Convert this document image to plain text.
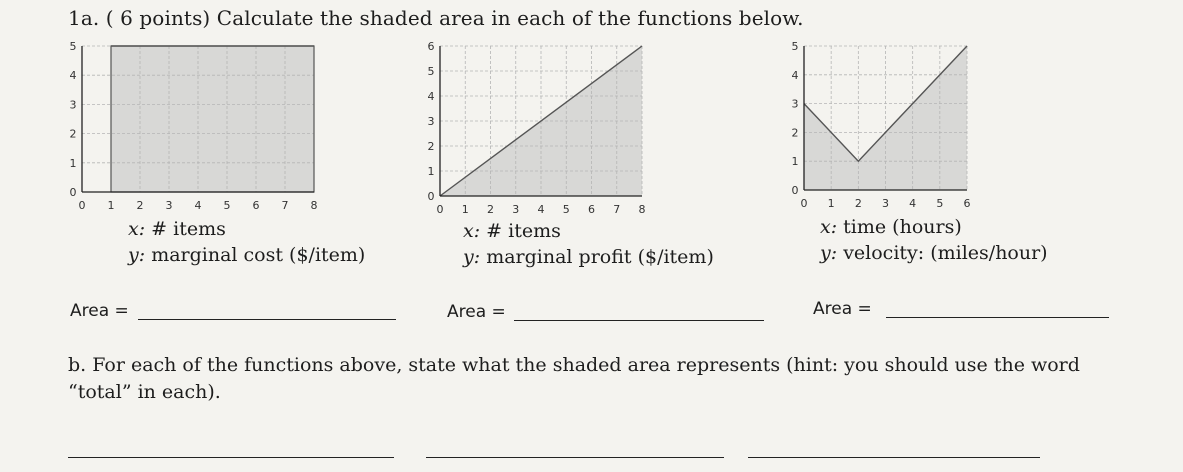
1a. ( 6 points) Calculate the shaded area in each of the functions below.
0 1 2 3 4 5 6 7 8
0
1
2
3
4
5
0 1 2 3 4 5 6 7 8
0
1
2
3
4
5
6
0 1 2 3 4 5 6
0
1
2
3
4
5
x: # items
y: marginal cost ($/item)
x: # items
y: marginal profit ($/item)
x: time (hours)
y: velocity: (miles/hour)
Area =	Area =	Area =
b. For each of the functions above, state what the shaded area represents (hint: you should use the word “total” in each).
